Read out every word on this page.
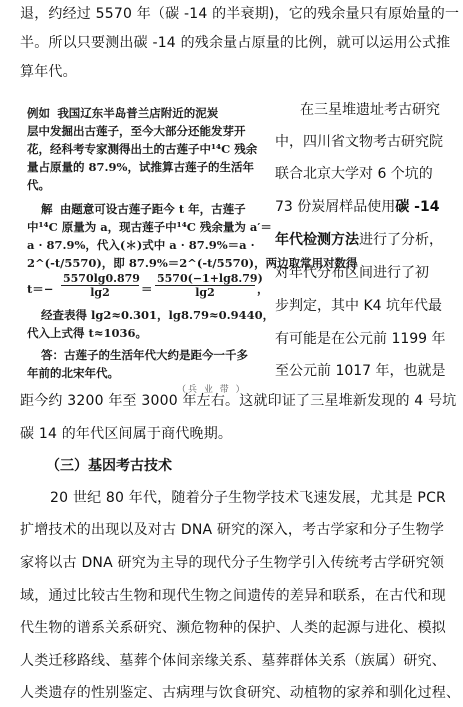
退，约经过 5570 年（碳 -14 的半衰期)，它的残余量只有原始量的一
半。所以只要测出碳 -14 的残余量占原量的比例，就可以运用公式推
算年代。
例如 我国辽东半岛普兰店附近的泥炭
层中发掘出古莲子，至今大部分还能发芽开
花，经科考专家测得出土的古莲子中¹⁴C 残余
量占原量的 87.9%，试推算古莲子的生活年
代。
解 由题意可设古莲子距今 t 年，古莲子
中¹⁴C 原量为 a，现古莲子中¹⁴C 残余量为 a′＝
a · 87.9%，代入(＊)式中 a · 87.9%＝a ·
2^(-t/5570)，即 87.9%＝2^(-t/5570)，两边取常用对数得
$t=- \frac{5570\lg 0.879}{\lg 2} = \frac{5570(-1+\lg 8.79)}{\lg 2}$ ，
经查表得 lg2≈0.301，lg8.79≈0.9440，
代入上式得 t≈1036。
答：古莲子的生活年代大约是距今一千多
年前的北宋年代。
（兵 业 带 ）
在三星堆遗址考古研究
中，四川省文物考古研究院
联合北京大学对 6 个坑的
73 份炭屑样品使用碳 -14
年代检测方法进行了分析，
对年代分布区间进行了初
步判定，其中 K4 坑年代最
有可能是在公元前 1199 年
至公元前 1017 年，也就是
距今约 3200 年至 3000 年左右。这就印证了三星堆新发现的 4 号坑
碳 14 的年代区间属于商代晚期。
（三）基因考古技术
20 世纪 80 年代，随着分子生物学技术飞速发展，尤其是 PCR
扩增技术的出现以及对古 DNA 研究的深入，考古学家和分子生物学
家将以古 DNA 研究为主导的现代分子生物学引入传统考古学研究领
域，通过比较古生物和现代生物之间遗传的差异和联系，在古代和现
代生物的谱系关系研究、濒危物种的保护、人类的起源与进化、模拟
人类迁移路线、墓葬个体间亲缘关系、墓葬群体关系（族属）研究、
人类遗存的性别鉴定、古病理与饮食研究、动植物的家养和驯化过程、
